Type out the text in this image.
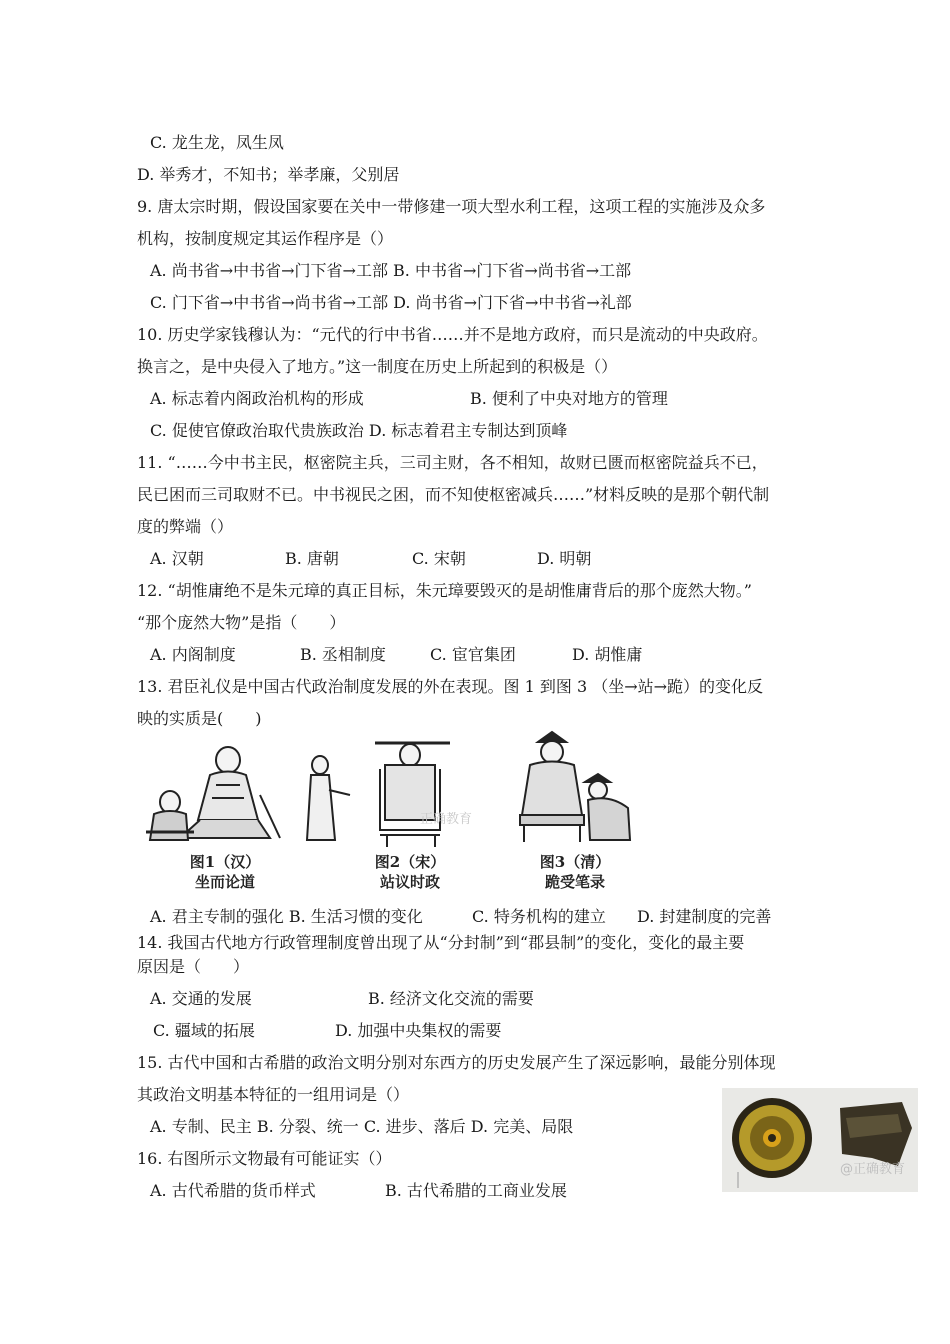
C. 龙生龙，凤生凤
D. 举秀才，不知书；举孝廉，父别居
9. 唐太宗时期，假设国家要在关中一带修建一项大型水利工程，这项工程的实施涉及众多
机构，按制度规定其运作程序是（）
A. 尚书省→中书省→门下省→工部 B. 中书省→门下省→尚书省→工部
C. 门下省→中书省→尚书省→工部 D. 尚书省→门下省→中书省→礼部
10. 历史学家钱穆认为：“元代的行中书省……并不是地方政府，而只是流动的中央政府。
换言之，是中央侵入了地方。”这一制度在历史上所起到的积极是（）
A. 标志着内阁政治机构的形成	B. 便利了中央对地方的管理
C. 促使官僚政治取代贵族政治 D. 标志着君主专制达到顶峰
11. “……今中书主民，枢密院主兵，三司主财，各不相知，故财已匮而枢密院益兵不已，
民已困而三司取财不已。中书视民之困，而不知使枢密减兵……”材料反映的是那个朝代制
度的弊端（）
A. 汉朝	B. 唐朝	C. 宋朝	D. 明朝
12. “胡惟庸绝不是朱元璋的真正目标，朱元璋要毁灭的是胡惟庸背后的那个庞然大物。”
“那个庞然大物”是指（　　）
A. 内阁制度	B. 丞相制度	C. 宦官集团	D. 胡惟庸
13. 君臣礼仪是中国古代政治制度发展的外在表现。图 1 到图 3 （坐→站→跪）的变化反
映的实质是(　　)
正确教育
图1（汉）
坐而论道
图2（宋）
站议时政
图3（清）
跪受笔录
A. 君主专制的强化 B. 生活习惯的变化	C. 特务机构的建立 D. 封建制度的完善
14. 我国古代地方行政管理制度曾出现了从“分封制”到“郡县制”的变化，变化的最主要
原因是（　　）
A. 交通的发展	B. 经济文化交流的需要
C. 疆域的拓展	D. 加强中央集权的需要
15. 古代中国和古希腊的政治文明分别对东西方的历史发展产生了深远影响，最能分别体现
其政治文明基本特征的一组用词是（）
A. 专制、民主 B. 分裂、统一 C. 进步、落后 D. 完美、局限
16. 右图所示文物最有可能证实（）
A. 古代希腊的货币样式	B. 古代希腊的工商业发展
@正确教育
